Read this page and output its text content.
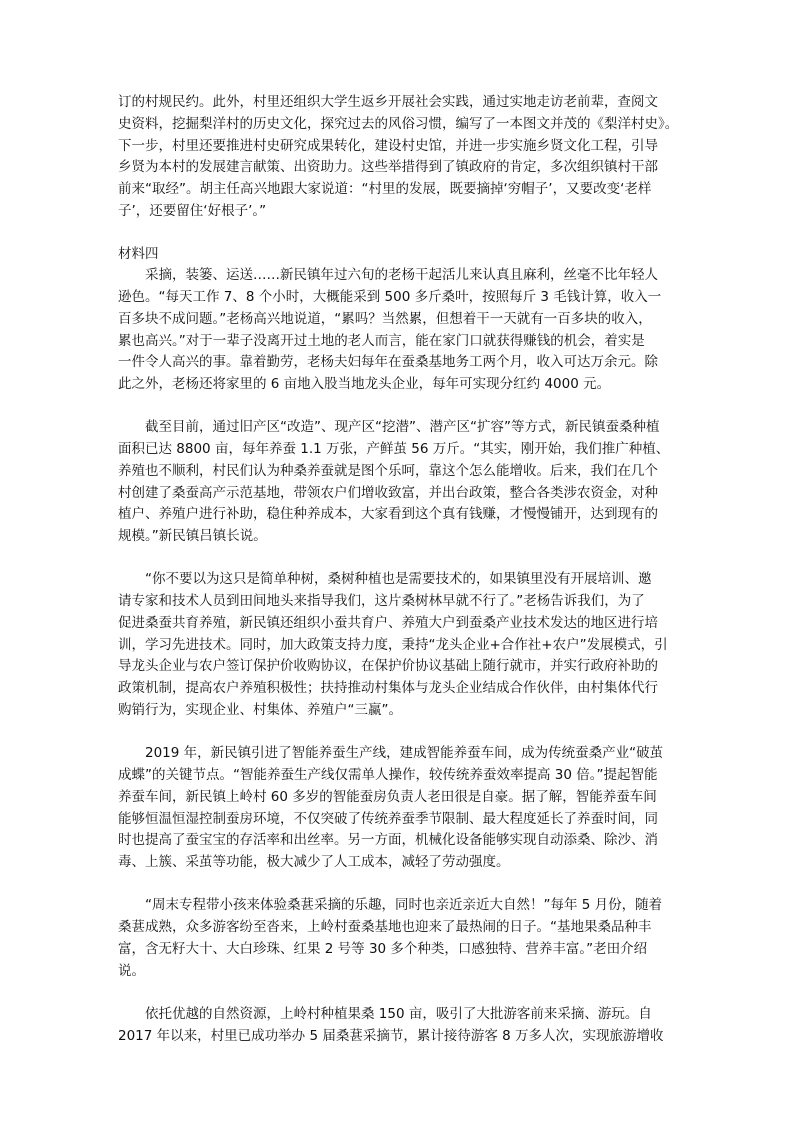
订的村规民约。此外，村里还组织大学生返乡开展社会实践，通过实地走访老前辈，查阅文
史资料，挖掘梨洋村的历史文化，探究过去的风俗习惯，编写了一本图文并茂的《梨洋村史》。
下一步，村里还要推进村史研究成果转化，建设村史馆，并进一步实施乡贤文化工程，引导
乡贤为本村的发展建言献策、出资助力。这些举措得到了镇政府的肯定，多次组织镇村干部
前来“取经”。胡主任高兴地跟大家说道：“村里的发展，既要摘掉‘穷帽子’，又要改变‘老样
子’，还要留住‘好根子’。”
材料四
　　采摘，装篓、运送……新民镇年过六旬的老杨干起活儿来认真且麻利，丝毫不比年轻人
逊色。“每天工作 7、8 个小时，大概能采到 500 多斤桑叶，按照每斤 3 毛钱计算，收入一
百多块不成问题。”老杨高兴地说道，“累吗？当然累，但想着干一天就有一百多块的收入，
累也高兴。”对于一辈子没离开过土地的老人而言，能在家门口就获得赚钱的机会，着实是
一件令人高兴的事。靠着勤劳，老杨夫妇每年在蚕桑基地务工两个月，收入可达万余元。除
此之外，老杨还将家里的 6 亩地入股当地龙头企业，每年可实现分红约 4000 元。
　　截至目前，通过旧产区“改造”、现产区“挖潜”、潜产区“扩容”等方式，新民镇蚕桑种植
面积已达 8800 亩，每年养蚕 1.1 万张，产鲜茧 56 万斤。“其实，刚开始，我们推广种植、
养殖也不顺利，村民们认为种桑养蚕就是图个乐呵，靠这个怎么能增收。后来，我们在几个
村创建了桑蚕高产示范基地，带领农户们增收致富，并出台政策，整合各类涉农资金，对种
植户、养殖户进行补助，稳住种养成本，大家看到这个真有钱赚，才慢慢铺开，达到现有的
规模。”新民镇吕镇长说。
　　“你不要以为这只是简单种树，桑树种植也是需要技术的，如果镇里没有开展培训、邀
请专家和技术人员到田间地头来指导我们，这片桑树林早就不行了。”老杨告诉我们，为了
促进桑蚕共育养殖，新民镇还组织小蚕共育户、养殖大户到蚕桑产业技术发达的地区进行培
训，学习先进技术。同时，加大政策支持力度，秉持“龙头企业+合作社+农户”发展模式，引
导龙头企业与农户签订保护价收购协议，在保护价协议基础上随行就市，并实行政府补助的
政策机制，提高农户养殖积极性；扶持推动村集体与龙头企业结成合作伙伴，由村集体代行
购销行为，实现企业、村集体、养殖户“三赢”。
　　2019 年，新民镇引进了智能养蚕生产线，建成智能养蚕车间，成为传统蚕桑产业“破茧
成蝶”的关键节点。“智能养蚕生产线仅需单人操作，较传统养蚕效率提高 30 倍。”提起智能
养蚕车间，新民镇上岭村 60 多岁的智能蚕房负责人老田很是自豪。据了解，智能养蚕车间
能够恒温恒湿控制蚕房环境，不仅突破了传统养蚕季节限制、最大程度延长了养蚕时间，同
时也提高了蚕宝宝的存活率和出丝率。另一方面，机械化设备能够实现自动添桑、除沙、消
毒、上簇、采茧等功能，极大减少了人工成本，减轻了劳动强度。
　　“周末专程带小孩来体验桑葚采摘的乐趣，同时也亲近亲近大自然！”每年 5 月份，随着
桑葚成熟，众多游客纷至沓来，上岭村蚕桑基地也迎来了最热闹的日子。“基地果桑品种丰
富，含无籽大十、大白珍珠、红果 2 号等 30 多个种类，口感独特、营养丰富。”老田介绍
说。
　　依托优越的自然资源，上岭村种植果桑 150 亩，吸引了大批游客前来采摘、游玩。自
2017 年以来，村里已成功举办 5 届桑葚采摘节，累计接待游客 8 万多人次，实现旅游增收
